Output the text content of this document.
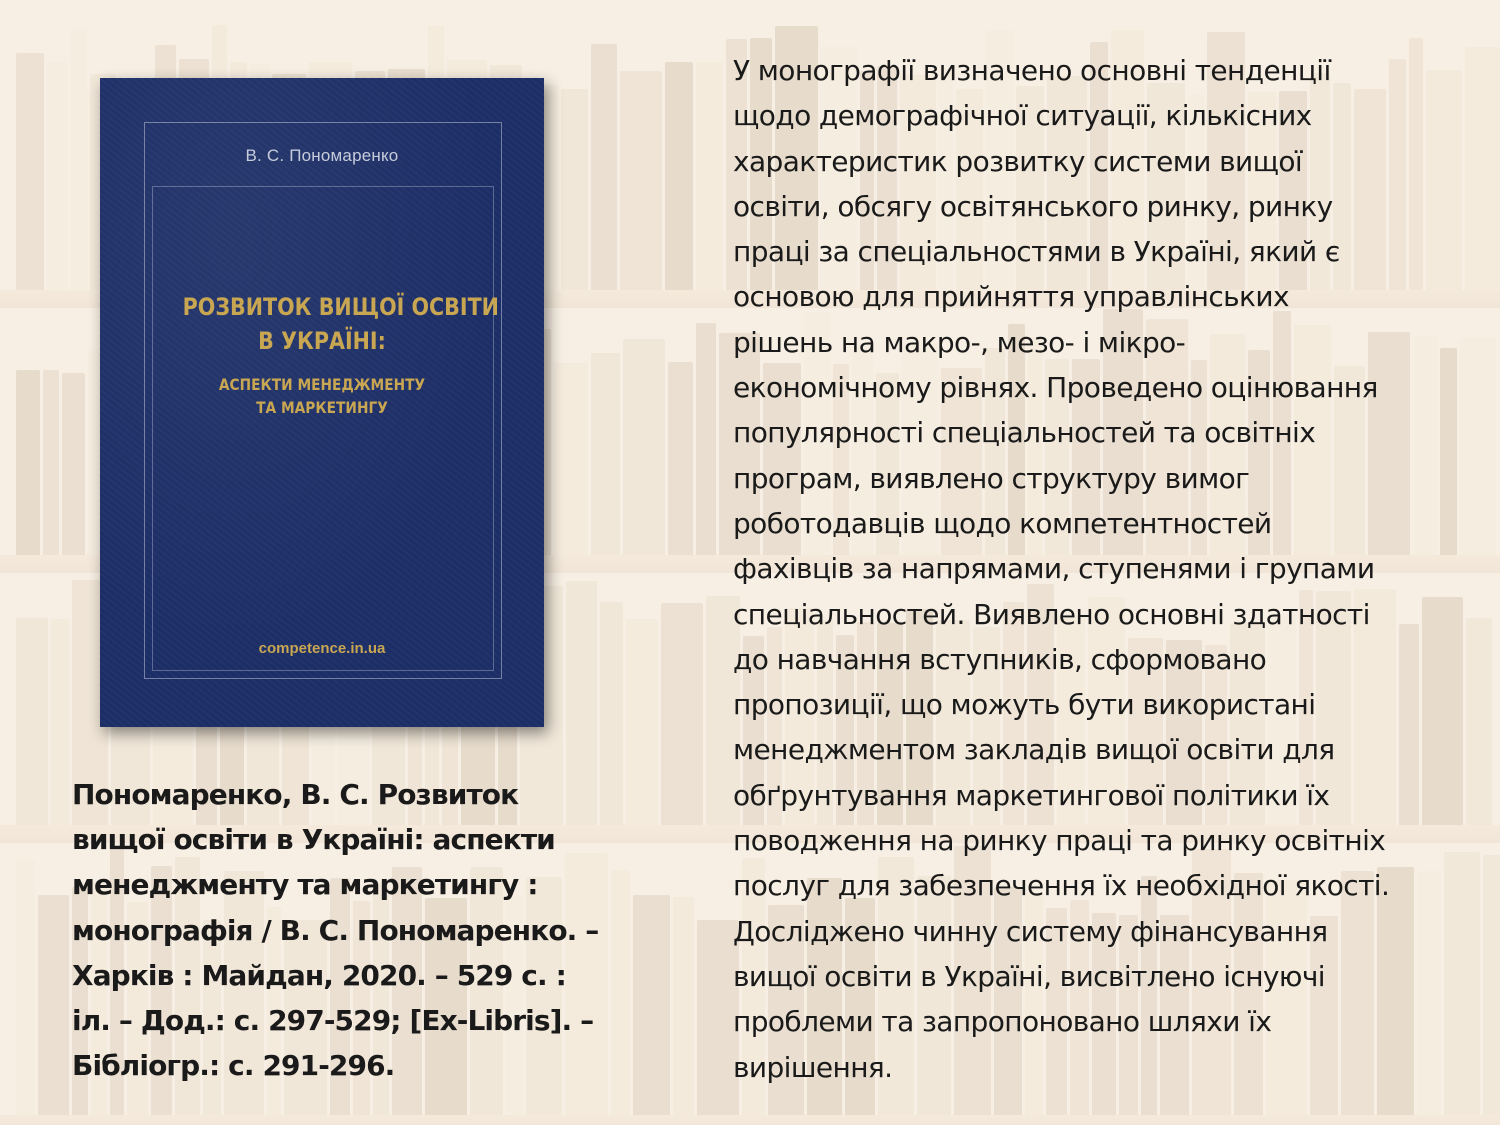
В. С. Пономаренко
РОЗВИТОК ВИЩОЇ ОСВІТИ
В УКРАЇНІ:
АСПЕКТИ МЕНЕДЖМЕНТУ
ТА МАРКЕТИНГУ
competence.in.ua
Пономаренко, В. С. Розвиток
вищої освіти в Україні: аспекти
менеджменту та маркетингу :
монографія / В. С. Пономаренко. –
Харків : Майдан, 2020. – 529 с. :
іл. – Дод.: с. 297-529; [Ex-Libris]. –
Бібліогр.: с. 291-296.
У монографії визначено основні тенденції
щодо демографічної ситуації, кількісних
характеристик розвитку системи вищої
освіти, обсягу освітянського ринку, ринку
праці за спеціальностями в Україні, який є
основою для прийняття управлінських
рішень на макро-, мезо- і мікро-
економічному рівнях. Проведено оцінювання
популярності спеціальностей та освітніх
програм, виявлено структуру вимог
роботодавців щодо компетентностей
фахівців за напрямами, ступенями і групами
спеціальностей. Виявлено основні здатності
до навчання вступників, сформовано
пропозиції, що можуть бути використані
менеджментом закладів вищої освіти для
обґрунтування маркетингової політики їх
поводження на ринку праці та ринку освітніх
послуг для забезпечення їх необхідної якості.
Досліджено чинну систему фінансування
вищої освіти в Україні, висвітлено існуючі
проблеми та запропоновано шляхи їх
вирішення.
